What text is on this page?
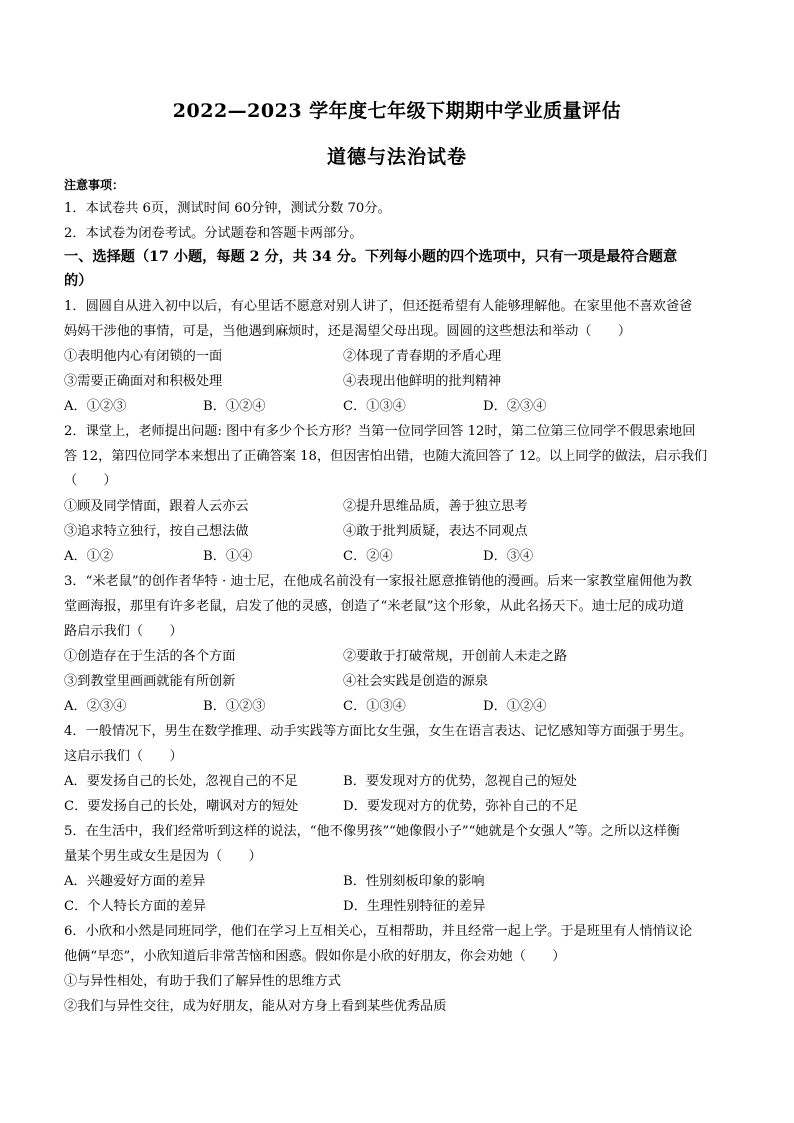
2022—2023 学年度七年级下期期中学业质量评估
道德与法治试卷
注意事项：
1．本试卷共 6页，测试时间 60分钟，测试分数 70分。
2．本试卷为闭卷考试。分试题卷和答题卡两部分。
一、选择题（17 小题，每题 2 分，共 34 分。下列每小题的四个选项中，只有一项是最符合题意
的）
1．圆圆自从进入初中以后，有心里话不愿意对别人讲了，但还挺希望有人能够理解他。在家里他不喜欢爸爸
妈妈干涉他的事情，可是，当他遇到麻烦时，还是渴望父母出现。圆圆的这些想法和举动（　　）
①表明他内心有闭锁的一面	②体现了青春期的矛盾心理
③需要正确面对和积极处理	④表现出他鲜明的批判精神
A．①②③	B．①②④	C．①③④	D．②③④
2．课堂上，老师提出问题: 图中有多少个长方形？当第一位同学回答 12时，第二位第三位同学不假思索地回
答 12，第四位同学本来想出了正确答案 18，但因害怕出错，也随大流回答了 12。以上同学的做法，启示我们
（　　）
①顾及同学情面，跟着人云亦云	②提升思维品质，善于独立思考
③追求特立独行，按自己想法做	④敢于批判质疑，表达不同观点
A．①②	B．①④	C．②④	D．③④
3．“米老鼠”的创作者华特 · 迪士尼，在他成名前没有一家报社愿意推销他的漫画。后来一家教堂雇佣他为教
堂画海报，那里有许多老鼠，启发了他的灵感，创造了“米老鼠”这个形象，从此名扬天下。迪士尼的成功道
路启示我们（　　）
①创造存在于生活的各个方面	②要敢于打破常规，开创前人未走之路
③到教堂里画画就能有所创新	④社会实践是创造的源泉
A．②③④	B．①②③	C．①③④	D．①②④
4．一般情况下，男生在数学推理、动手实践等方面比女生强，女生在语言表达、记忆感知等方面强于男生。
这启示我们（　　）
A．要发扬自己的长处，忽视自己的不足	B．要发现对方的优势，忽视自己的短处
C．要发扬自己的长处，嘲讽对方的短处	D．要发现对方的优势，弥补自己的不足
5．在生活中，我们经常听到这样的说法，“他不像男孩”“她像假小子”“她就是个女强人”等。之所以这样衡
量某个男生或女生是因为（　　）
A．兴趣爱好方面的差异	B．性别刻板印象的影响
C．个人特长方面的差异	D．生理性别特征的差异
6．小欣和小然是同班同学，他们在学习上互相关心，互相帮助，并且经常一起上学。于是班里有人悄悄议论
他俩“早恋”，小欣知道后非常苦恼和困惑。假如你是小欣的好朋友，你会劝她（　　）
①与异性相处，有助于我们了解异性的思维方式
②我们与异性交往，成为好朋友，能从对方身上看到某些优秀品质
